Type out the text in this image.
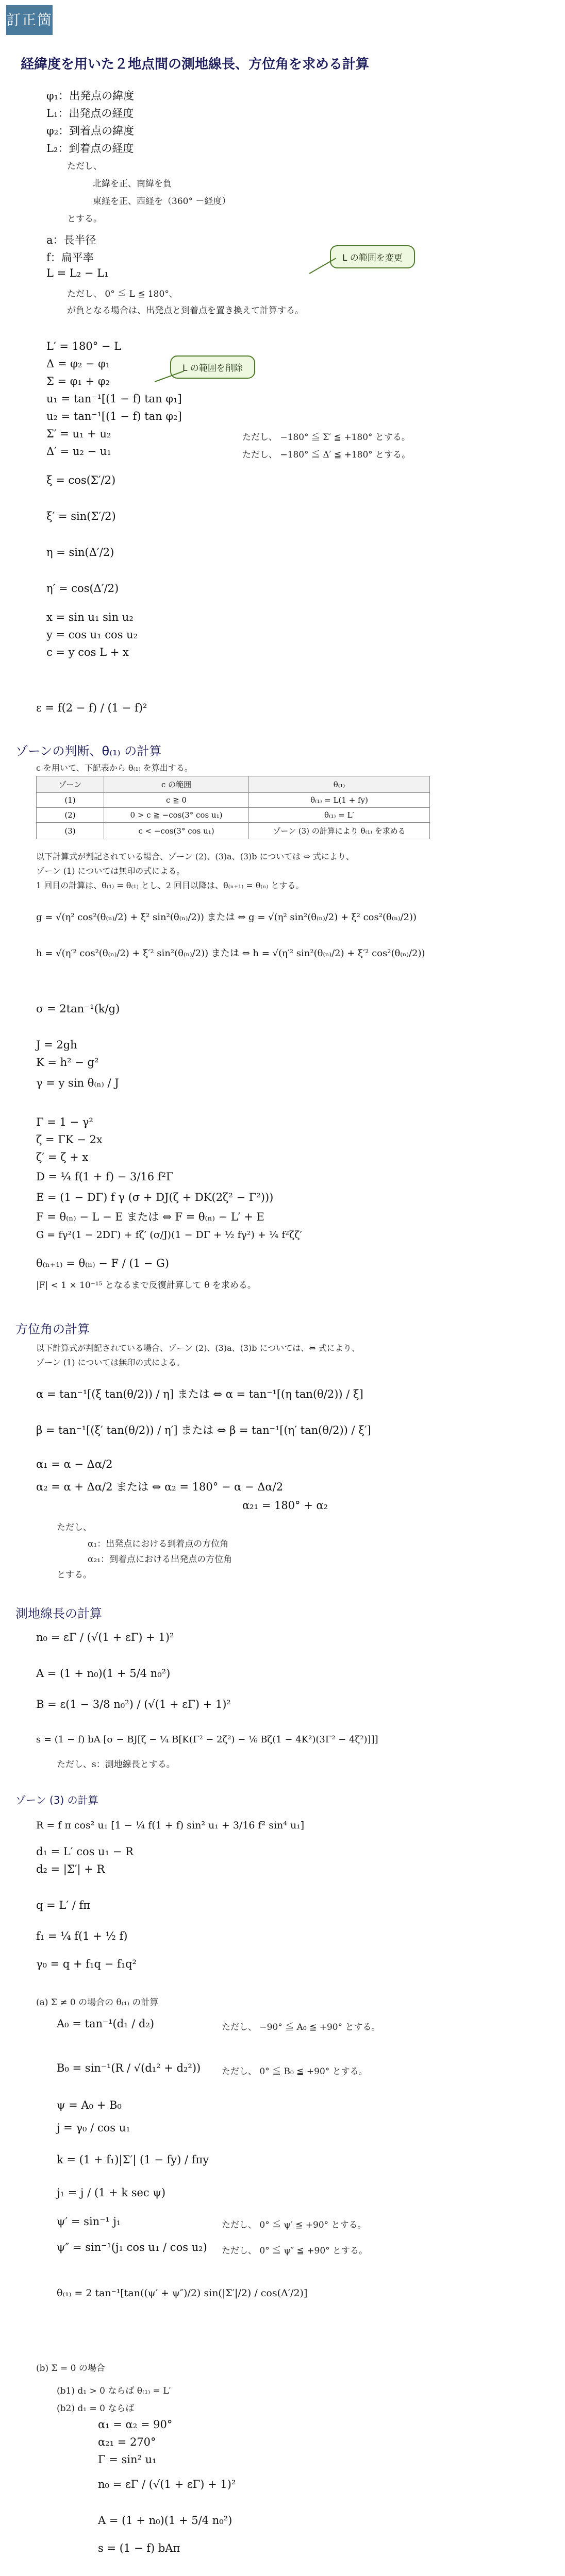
訂正箇所
経緯度を用いた２地点間の測地線長、方位角を求める計算
φ₁：出発点の緯度
L₁：出発点の経度
φ₂：到着点の緯度
L₂：到着点の経度
ただし、
北緯を正、南緯を負
東経を正、西経を（360° －経度）
とする。
a：長半径
f：扁平率
L = L₂ − L₁
ただし、 0° ≦ L ≦ 180°、
が負となる場合は、出発点と到着点を置き換えて計算する。
L の範囲を変更
L の範囲を削除
L′ = 180° − L
Δ = φ₂ − φ₁
Σ = φ₁ + φ₂
u₁ = tan⁻¹[(1 − f) tan φ₁]
u₂ = tan⁻¹[(1 − f) tan φ₂]
Σ′ = u₁ + u₂	ただし、 −180° ≦ Σ′ ≦ +180° とする。
Δ′ = u₂ − u₁	ただし、 −180° ≦ Δ′ ≦ +180° とする。
ξ = cos(Σ′/2)
ξ′ = sin(Σ′/2)
η = sin(Δ′/2)
η′ = cos(Δ′/2)
x = sin u₁ sin u₂
y = cos u₁ cos u₂
c = y cos L + x
ε = f(2 − f) / (1 − f)²
ゾーンの判断、θ₍₁₎ の計算
c を用いて、下記表から θ₍₁₎ を算出する。
ゾーン	c の範囲	θ₍₁₎
(1)	c ≧ 0	θ₍₁₎ = L(1 + fy)
(2)	0 > c ≧ −cos(3° cos u₁)	θ₍₁₎ = L′
(3)	c < −cos(3° cos u₁)	ゾーン (3) の計算により θ₍₁₎ を求める
以下計算式が判記されている場合、ゾーン (2)、(3)a、(3)b については ⇔ 式により、
ゾーン (1) については無印の式による。
1 回目の計算は、θ₍₁₎ = θ₍₁₎ とし、2 回目以降は、θ₍ₙ₊₁₎ = θ₍ₙ₎ とする。
g = √(η² cos²(θ₍ₙ₎/2) + ξ² sin²(θ₍ₙ₎/2)) または ⇔ g = √(η² sin²(θ₍ₙ₎/2) + ξ² cos²(θ₍ₙ₎/2))
h = √(η′² cos²(θ₍ₙ₎/2) + ξ′² sin²(θ₍ₙ₎/2)) または ⇔ h = √(η′² sin²(θ₍ₙ₎/2) + ξ′² cos²(θ₍ₙ₎/2))
σ = 2tan⁻¹(k/g)
J = 2gh
K = h² − g²
γ = y sin θ₍ₙ₎ / J
Γ = 1 − γ²
ζ = ΓK − 2x
ζ′ = ζ + x
D = ¼ f(1 + f) − 3/16 f²Γ
E = (1 − DΓ) f γ (σ + DJ(ζ + DK(2ζ² − Γ²)))
F = θ₍ₙ₎ − L − E または ⇔ F = θ₍ₙ₎ − L′ + E
G = fγ²(1 − 2DΓ) + fζ′ (σ/J)(1 − DΓ + ½ fγ²) + ¼ f²ζζ′
θ₍ₙ₊₁₎ = θ₍ₙ₎ − F / (1 − G)
|F| < 1 × 10⁻¹⁵ となるまで反復計算して θ を求める。
方位角の計算
以下計算式が判記されている場合、ゾーン (2)、(3)a、(3)b については、⇔ 式により、
ゾーン (1) については無印の式による。
α = tan⁻¹[(ξ tan(θ/2)) / η] または ⇔ α = tan⁻¹[(η tan(θ/2)) / ξ]
β = tan⁻¹[(ξ′ tan(θ/2)) / η′] または ⇔ β = tan⁻¹[(η′ tan(θ/2)) / ξ′]
α₁ = α − Δα/2
α₂ = α + Δα/2 または ⇔ α₂ = 180° − α − Δα/2
α₂₁ = 180° + α₂
ただし、
α₁：出発点における到着点の方位角
α₂₁：到着点における出発点の方位角
とする。
測地線長の計算
n₀ = εΓ / (√(1 + εΓ) + 1)²
A = (1 + n₀)(1 + 5/4 n₀²)
B = ε(1 − 3/8 n₀²) / (√(1 + εΓ) + 1)²
s = (1 − f) bA [σ − BJ[ζ − ¼ B[K(Γ² − 2ζ²) − ⅙ Bζ(1 − 4K²)(3Γ² − 4ζ²)]]]
ただし、s：測地線長とする。
ゾーン (3) の計算
R = f π cos² u₁ [1 − ¼ f(1 + f) sin² u₁ + 3/16 f² sin⁴ u₁]
d₁ = L′ cos u₁ − R
d₂ = |Σ′| + R
q = L′ / fπ
f₁ = ¼ f(1 + ½ f)
γ₀ = q + f₁q − f₁q²
(a) Σ ≠ 0 の場合の θ₍₁₎ の計算
A₀ = tan⁻¹(d₁ / d₂)	ただし、 −90° ≦ A₀ ≦ +90° とする。
B₀ = sin⁻¹(R / √(d₁² + d₂²)) ただし、 0° ≦ B₀ ≦ +90° とする。
ψ = A₀ + B₀
j = γ₀ / cos u₁
k = (1 + f₁)|Σ′| (1 − fy) / fπy
j₁ = j / (1 + k sec ψ)
ψ′ = sin⁻¹ j₁	ただし、 0° ≦ ψ′ ≦ +90° とする。
ψ″ = sin⁻¹(j₁ cos u₁ / cos u₂) ただし、 0° ≦ ψ″ ≦ +90° とする。
θ₍₁₎ = 2 tan⁻¹[tan((ψ′ + ψ″)/2) sin(|Σ′|/2) / cos(Δ′/2)]
(b) Σ = 0 の場合
(b1) d₁ > 0 ならば θ₍₁₎ = L′
(b2) d₁ = 0 ならば
α₁ = α₂ = 90°
α₂₁ = 270°
Γ = sin² u₁
n₀ = εΓ / (√(1 + εΓ) + 1)²
A = (1 + n₀)(1 + 5/4 n₀²)
s = (1 − f) bAπ
